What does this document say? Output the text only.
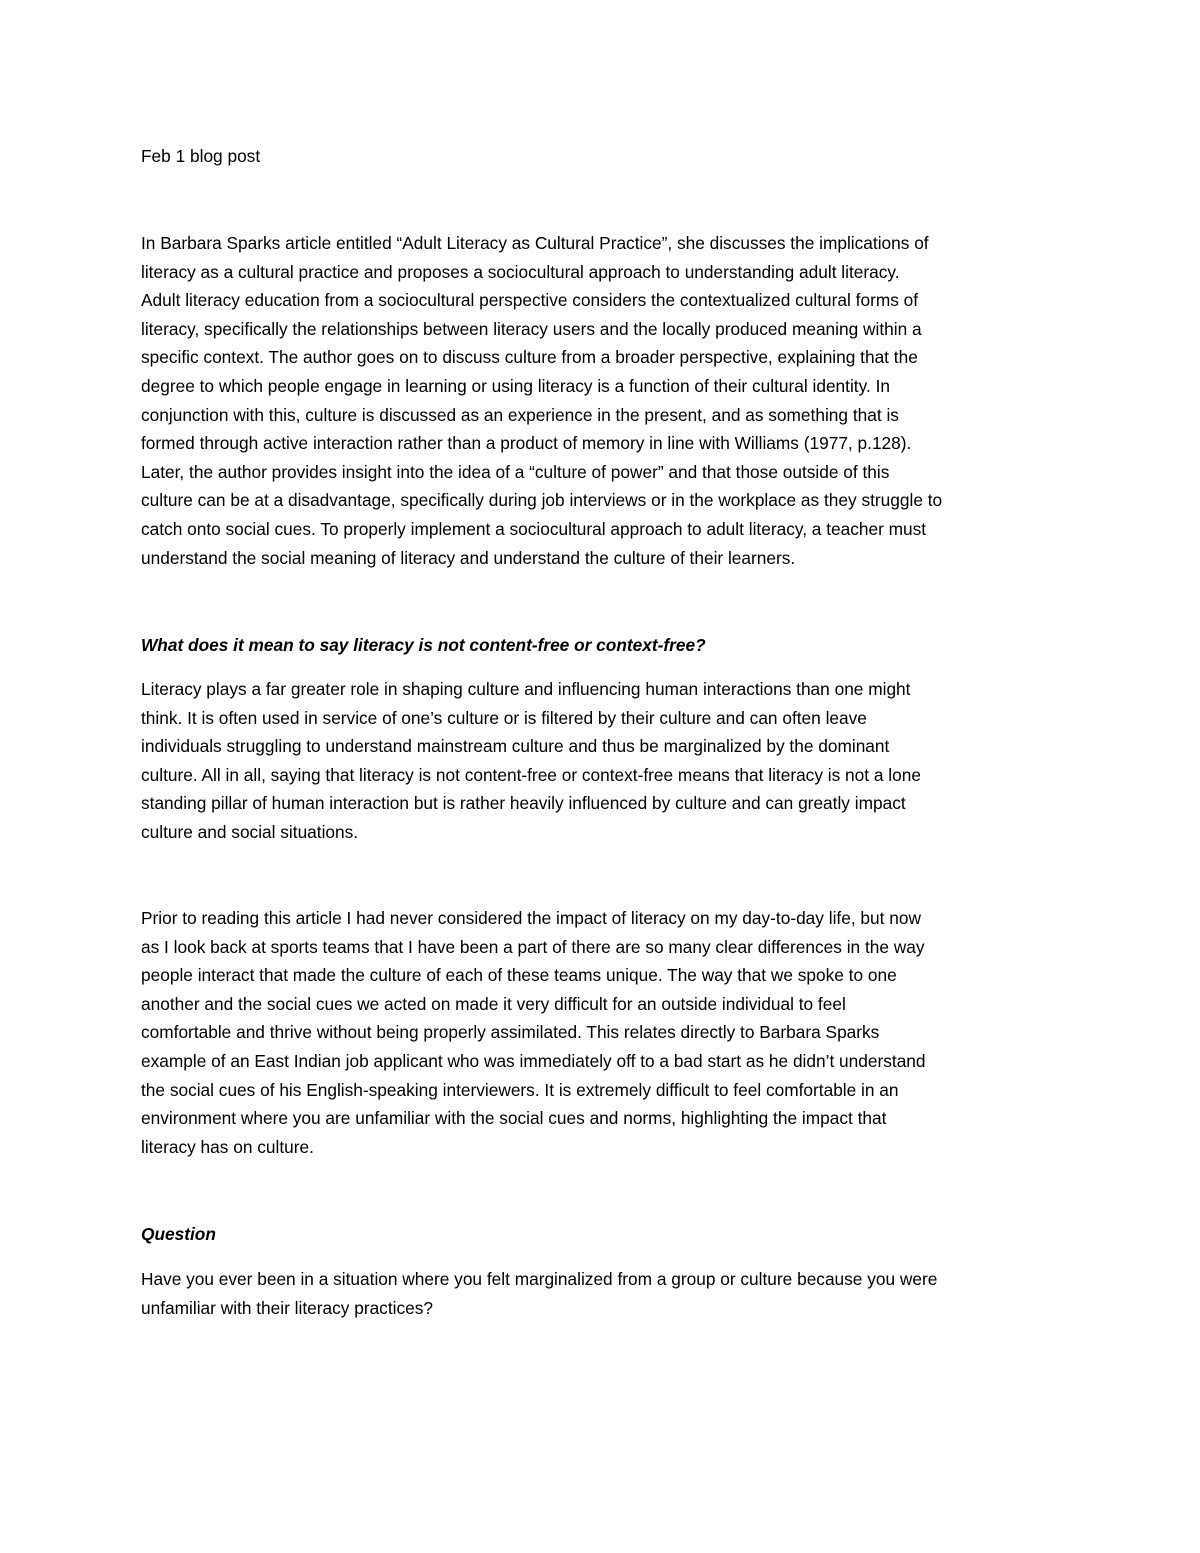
Feb 1 blog post
In Barbara Sparks article entitled “Adult Literacy as Cultural Practice”, she discusses the implications of
literacy as a cultural practice and proposes a sociocultural approach to understanding adult literacy.
Adult literacy education from a sociocultural perspective considers the contextualized cultural forms of
literacy, specifically the relationships between literacy users and the locally produced meaning within a
specific context. The author goes on to discuss culture from a broader perspective, explaining that the
degree to which people engage in learning or using literacy is a function of their cultural identity. In
conjunction with this, culture is discussed as an experience in the present, and as something that is
formed through active interaction rather than a product of memory in line with Williams (1977, p.128).
Later, the author provides insight into the idea of a “culture of power” and that those outside of this
culture can be at a disadvantage, specifically during job interviews or in the workplace as they struggle to
catch onto social cues. To properly implement a sociocultural approach to adult literacy, a teacher must
understand the social meaning of literacy and understand the culture of their learners.
What does it mean to say literacy is not content-free or context-free?
Literacy plays a far greater role in shaping culture and influencing human interactions than one might
think. It is often used in service of one’s culture or is filtered by their culture and can often leave
individuals struggling to understand mainstream culture and thus be marginalized by the dominant
culture. All in all, saying that literacy is not content-free or context-free means that literacy is not a lone
standing pillar of human interaction but is rather heavily influenced by culture and can greatly impact
culture and social situations.
Prior to reading this article I had never considered the impact of literacy on my day-to-day life, but now
as I look back at sports teams that I have been a part of there are so many clear differences in the way
people interact that made the culture of each of these teams unique. The way that we spoke to one
another and the social cues we acted on made it very difficult for an outside individual to feel
comfortable and thrive without being properly assimilated. This relates directly to Barbara Sparks
example of an East Indian job applicant who was immediately off to a bad start as he didn’t understand
the social cues of his English-speaking interviewers. It is extremely difficult to feel comfortable in an
environment where you are unfamiliar with the social cues and norms, highlighting the impact that
literacy has on culture.
Question
Have you ever been in a situation where you felt marginalized from a group or culture because you were
unfamiliar with their literacy practices?
